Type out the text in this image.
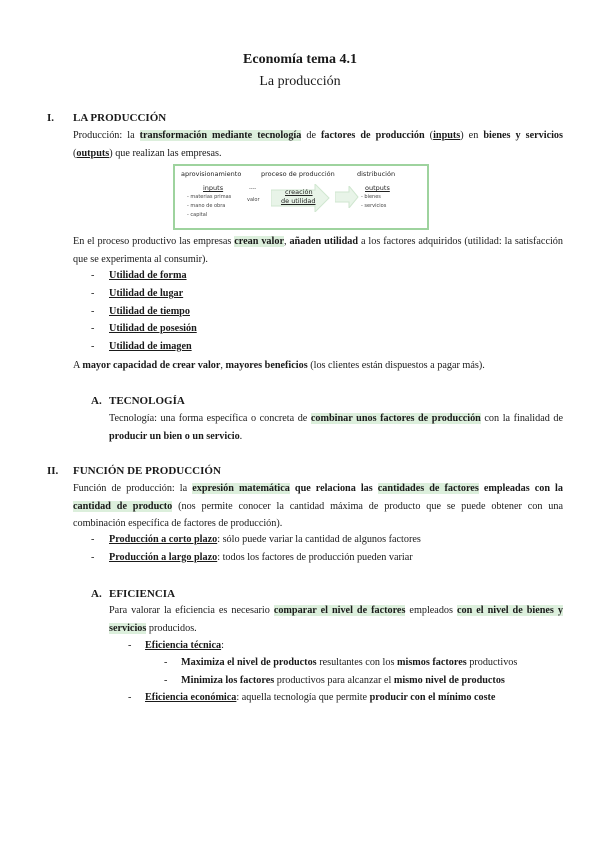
Economía tema 4.1
La producción
I. LA PRODUCCIÓN
Producción: la transformación mediante tecnología de factores de producción (inputs) en bienes y servicios (outputs) que realizan las empresas.
aprovisionamiento	proceso de producción	distribución
inputs
- materias primas
- mano de obra
- capital
----
valor
creación
de utilidad
outputs
- bienes
- servicios
En el proceso productivo las empresas crean valor, añaden utilidad a los factores adquiridos (utilidad: la satisfacción que se experimenta al consumir).
- Utilidad de forma
- Utilidad de lugar
- Utilidad de tiempo
- Utilidad de posesión
- Utilidad de imagen
A mayor capacidad de crear valor, mayores beneficios (los clientes están dispuestos a pagar más).
A. TECNOLOGÍA
Tecnología: una forma específica o concreta de combinar unos factores de producción con la finalidad de producir un bien o un servicio.
II. FUNCIÓN DE PRODUCCIÓN
Función de producción: la expresión matemática que relaciona las cantidades de factores empleadas con la cantidad de producto (nos permite conocer la cantidad máxima de producto que se puede obtener con una combinación específica de factores de producción).
- Producción a corto plazo: sólo puede variar la cantidad de algunos factores
- Producción a largo plazo: todos los factores de producción pueden variar
A. EFICIENCIA
Para valorar la eficiencia es necesario comparar el nivel de factores empleados con el nivel de bienes y servicios producidos.
- Eficiencia técnica:
- Maximiza el nivel de productos resultantes con los mismos factores productivos
- Minimiza los factores productivos para alcanzar el mismo nivel de productos
- Eficiencia económica: aquella tecnología que permite producir con el mínimo coste
